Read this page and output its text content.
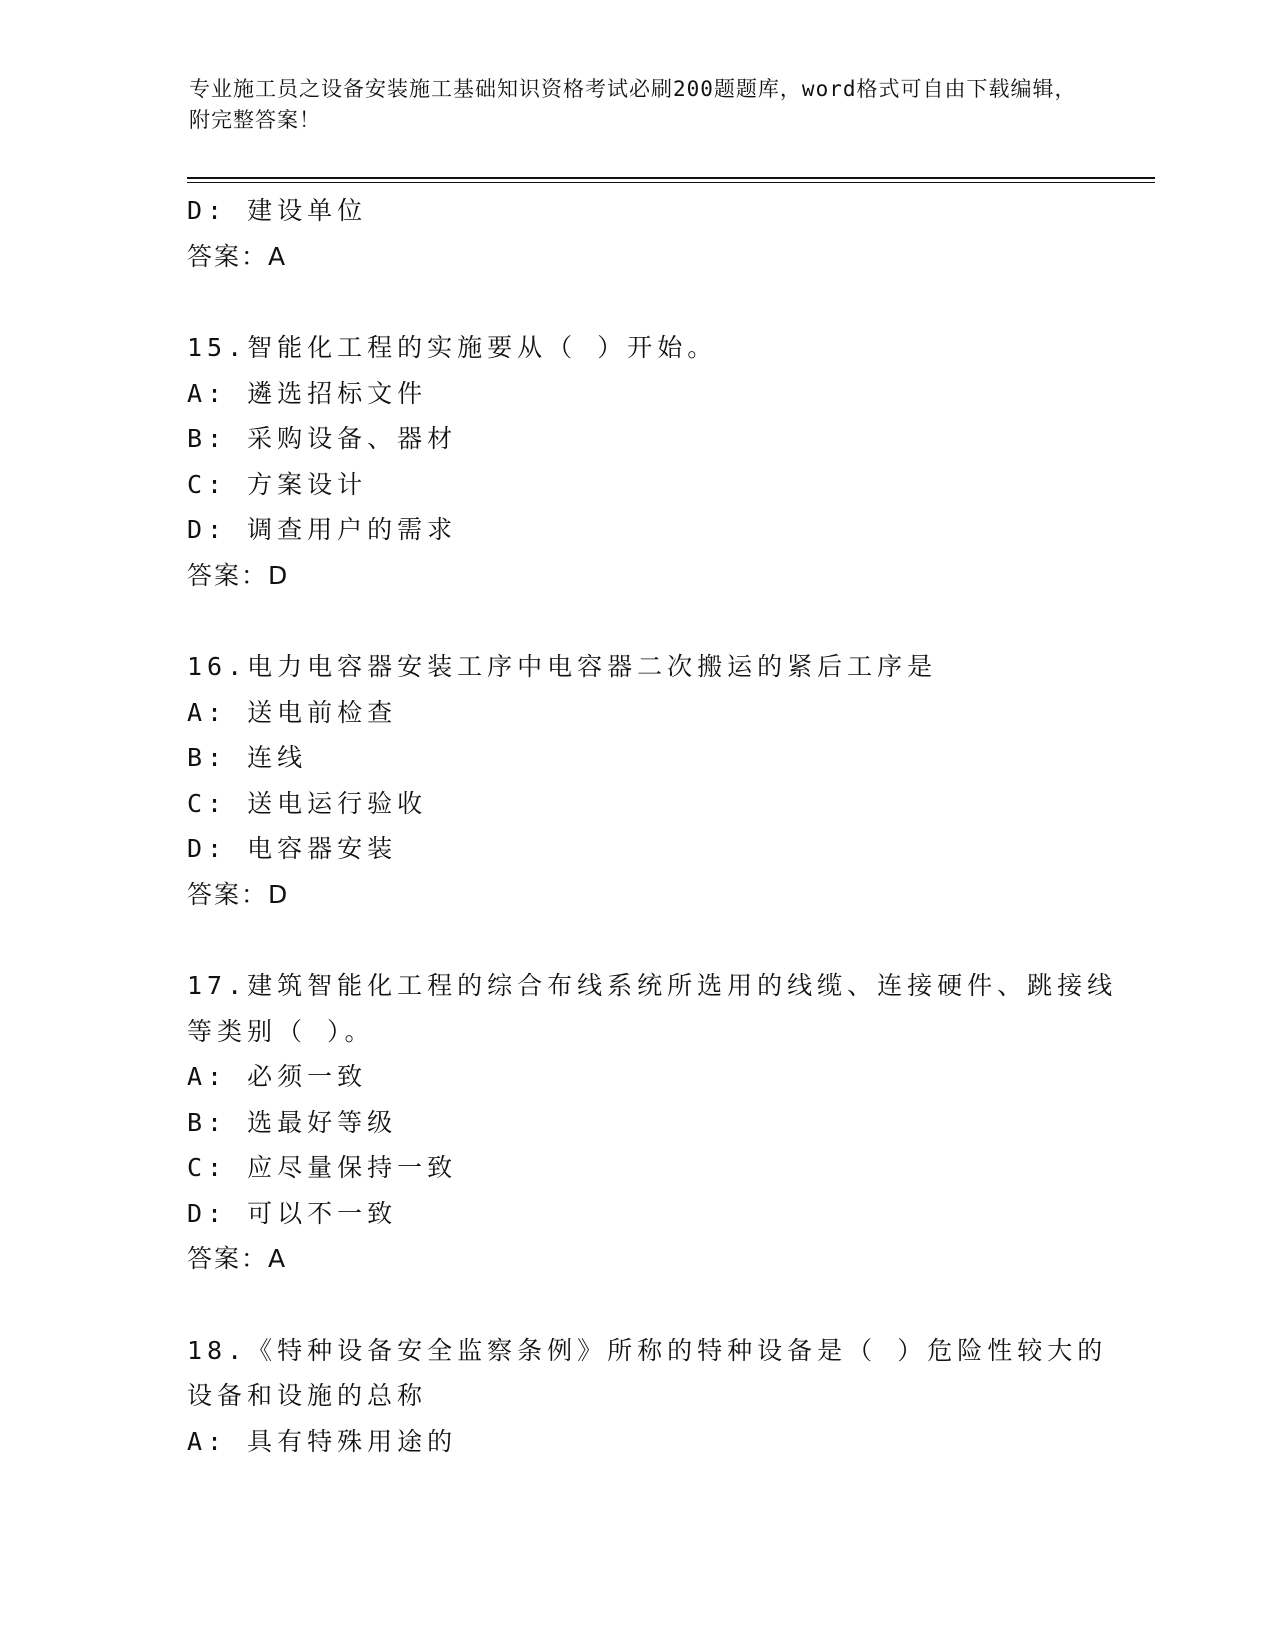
专业施工员之设备安装施工基础知识资格考试必刷200题题库，word格式可自由下载编辑，附完整答案！
D: 建设单位
答案：A
15.智能化工程的实施要从（ ）开始。
A: 遴选招标文件
B: 采购设备、器材
C: 方案设计
D: 调查用户的需求
答案：D
16.电力电容器安装工序中电容器二次搬运的紧后工序是
A: 送电前检查
B: 连线
C: 送电运行验收
D: 电容器安装
答案：D
17.建筑智能化工程的综合布线系统所选用的线缆、连接硬件、跳接线
等类别（ ）。
A: 必须一致
B: 选最好等级
C: 应尽量保持一致
D: 可以不一致
答案：A
18.《特种设备安全监察条例》所称的特种设备是（ ）危险性较大的
设备和设施的总称
A: 具有特殊用途的
